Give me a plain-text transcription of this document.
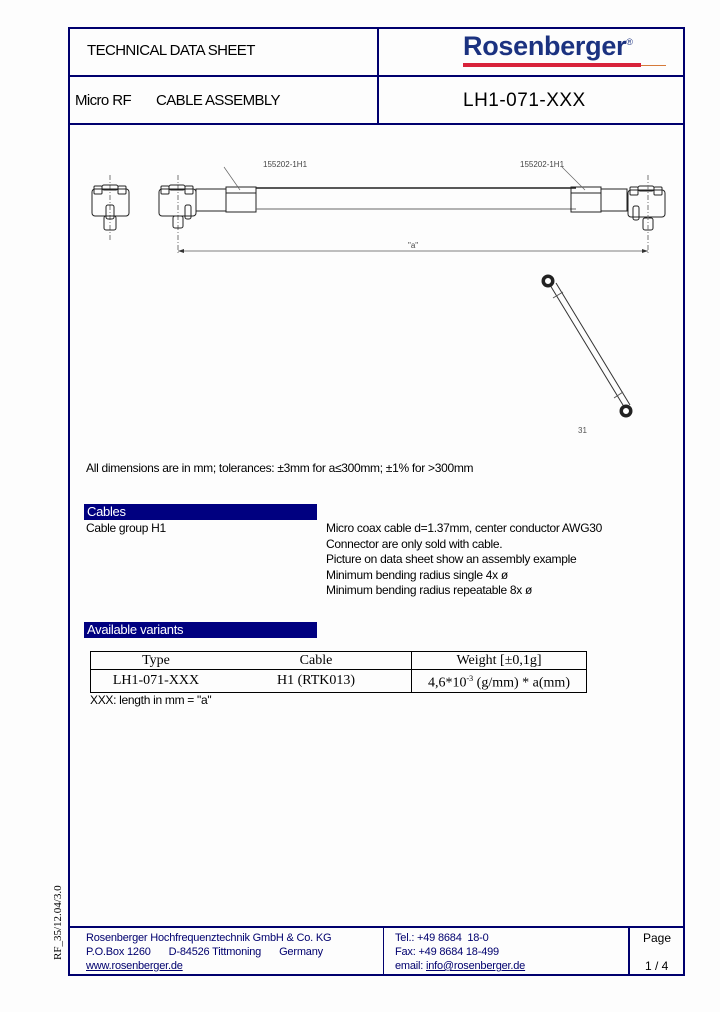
TECHNICAL DATA SHEET
Micro RF CABLE ASSEMBLY	LH1-071-XXX
Rosenberger®
155202-1H1	155202-1H1
"a"
31
All dimensions are in mm; tolerances: ±3mm for a≤300mm; ±1% for >300mm
Cables
Cable group H1	Micro coax cable d=1.37mm, center conductor AWG30
Connector are only sold with cable.
Picture on data sheet show an assembly example
Minimum bending radius single 4x ø
Minimum bending radius repeatable 8x ø
Available variants
Type	Cable	Weight [±0,1g]
LH1-071-XXX	H1 (RTK013)	$4,6*10^{-3}$ (g/mm) * a(mm)
XXX: length in mm = "a"
RF_35/12.04/3.0 Rosenberger Hochfrequenztechnik GmbH & Co. KG
P.O.Box 1260 D-84526 Tittmoning Germany
www.rosenberger.de
Tel.: +49 8684  18-0
Fax: +49 8684 18-499
email: info@rosenberger.de
Page
1 / 4
